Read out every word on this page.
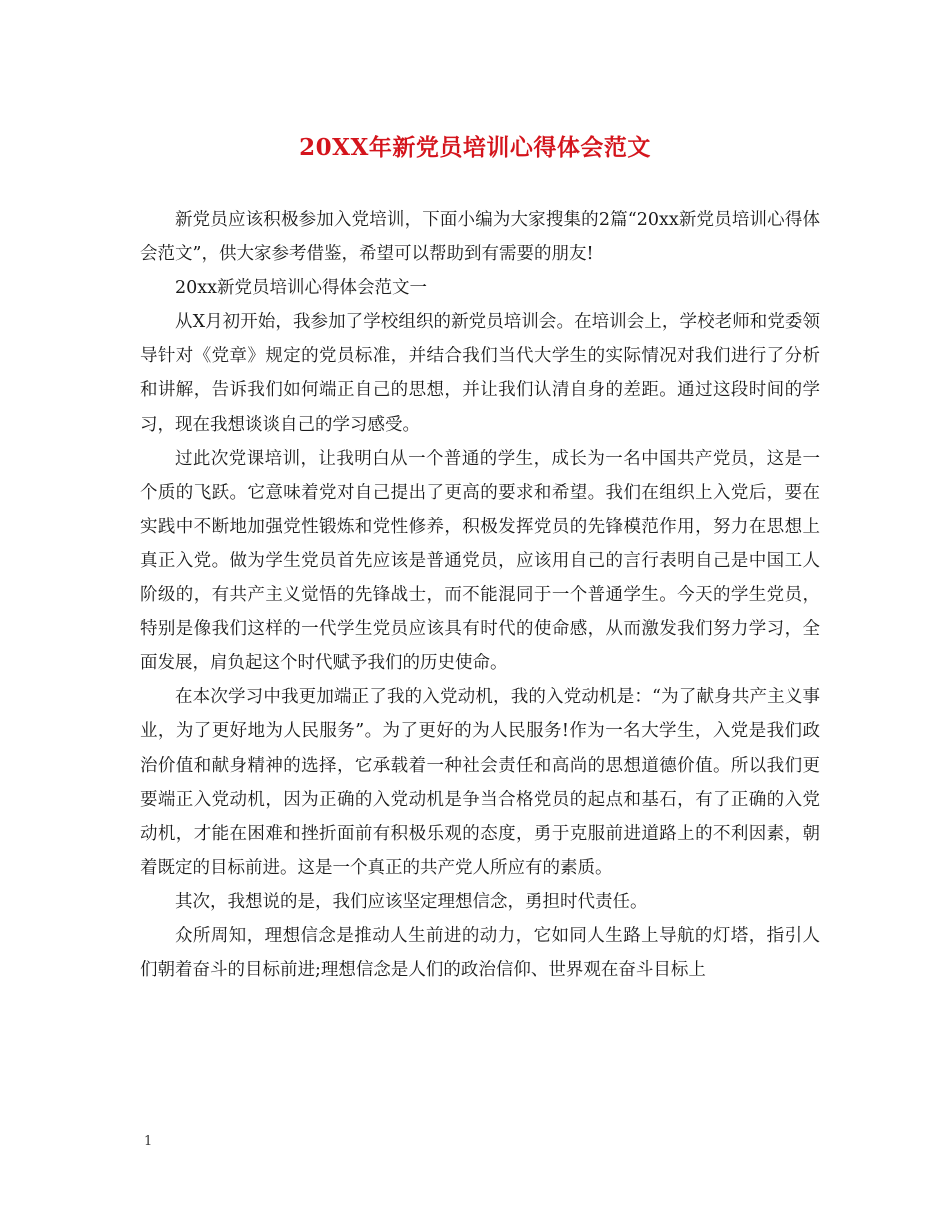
20XX年新党员培训心得体会范文

新党员应该积极参加入党培训，下面小编为大家搜集的2篇“20xx新党员培训心得体会范文”，供大家参考借鉴，希望可以帮助到有需要的朋友!

20xx新党员培训心得体会范文一

从X月初开始，我参加了学校组织的新党员培训会。在培训会上，学校老师和党委领导针对《党章》规定的党员标准，并结合我们当代大学生的实际情况对我们进行了分析和讲解，告诉我们如何端正自己的思想，并让我们认清自身的差距。通过这段时间的学习，现在我想谈谈自己的学习感受。

过此次党课培训，让我明白从一个普通的学生，成长为一名中国共产党员，这是一个质的飞跃。它意味着党对自己提出了更高的要求和希望。我们在组织上入党后，要在实践中不断地加强党性锻炼和党性修养，积极发挥党员的先锋模范作用，努力在思想上真正入党。做为学生党员首先应该是普通党员，应该用自己的言行表明自己是中国工人阶级的，有共产主义觉悟的先锋战士，而不能混同于一个普通学生。今天的学生党员，特别是像我们这样的一代学生党员应该具有时代的使命感，从而激发我们努力学习，全面发展，肩负起这个时代赋予我们的历史使命。

在本次学习中我更加端正了我的入党动机，我的入党动机是：“为了献身共产主义事业，为了更好地为人民服务”。为了更好的为人民服务!作为一名大学生，入党是我们政治价值和献身精神的选择，它承载着一种社会责任和高尚的思想道德价值。所以我们更要端正入党动机，因为正确的入党动机是争当合格党员的起点和基石，有了正确的入党动机，才能在困难和挫折面前有积极乐观的态度，勇于克服前进道路上的不利因素，朝着既定的目标前进。这是一个真正的共产党人所应有的素质。

其次，我想说的是，我们应该坚定理想信念，勇担时代责任。

众所周知，理想信念是推动人生前进的动力，它如同人生路上导航的灯塔，指引人们朝着奋斗的目标前进;理想信念是人们的政治信仰、世界观在奋斗目标上

1
